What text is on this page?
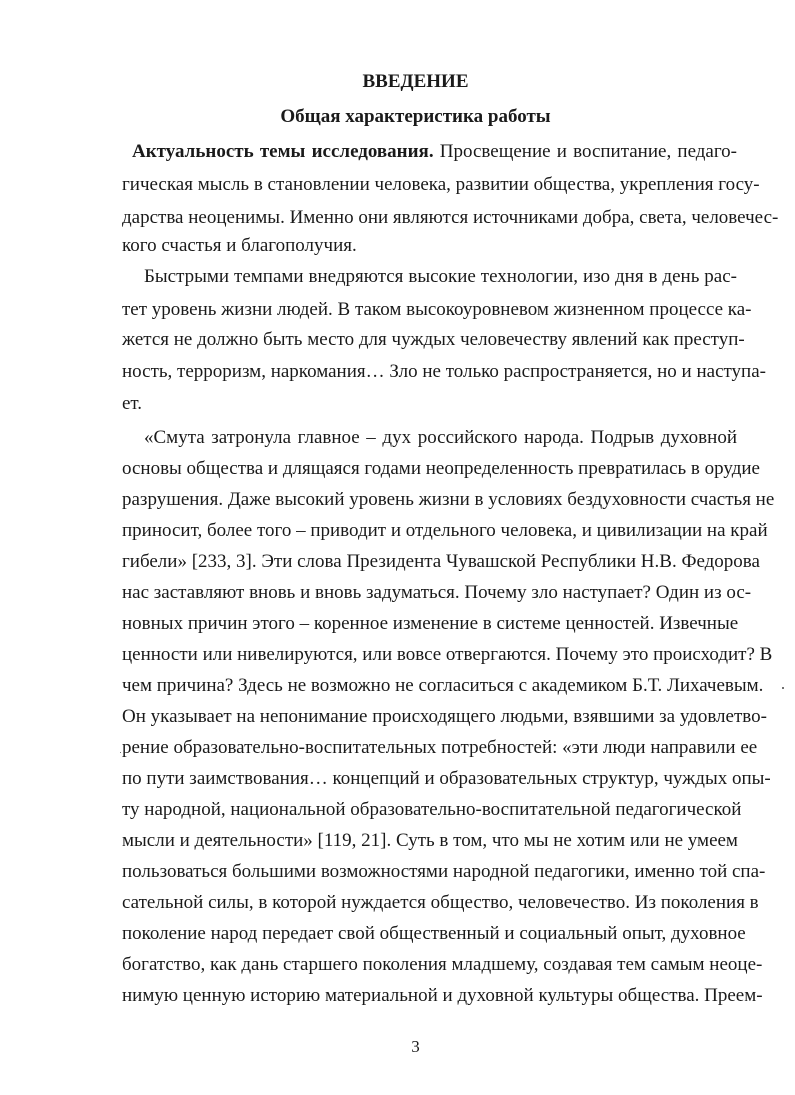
ВВЕДЕНИЕ
Общая характеристика работы

Актуальность темы исследования. Просвещение и воспитание, педаго-

гическая мысль в становлении человека, развитии общества, укрепления госу-

дарства неоценимы. Именно они являются источниками добра, света, человечес-

кого счастья и благополучия.

Быстрыми темпами внедряются высокие технологии, изо дня в день рас-

тет уровень жизни людей. В таком высокоуровневом жизненном процессе ка-

жется не должно быть место для чуждых человечеству явлений как преступ-

ность, терроризм, наркомания… Зло не только распространяется, но и наступа-

ет.

«Смута затронула главное – дух российского народа. Подрыв духовной

основы общества и длящаяся годами неопределенность превратилась в орудие

разрушения. Даже высокий уровень жизни в условиях бездуховности счастья не

приносит, более того – приводит и отдельного человека, и цивилизации на край

гибели» [233, 3]. Эти слова Президента Чувашской Республики Н.В. Федорова

нас заставляют вновь и вновь задуматься. Почему зло наступает? Один из ос-

новных причин этого – коренное изменение в системе ценностей. Извечные

ценности или нивелируются, или вовсе отвергаются. Почему это происходит? В

чем причина? Здесь не возможно не согласиться с академиком Б.Т. Лихачевым.

Он указывает на непонимание происходящего людьми, взявшими за удовлетво-

рение образовательно-воспитательных потребностей: «эти люди направили ее

по пути заимствования… концепций и образовательных структур, чуждых опы-

ту народной, национальной образовательно-воспитательной педагогической

мысли и деятельности» [119, 21]. Суть в том, что мы не хотим или не умеем

пользоваться большими возможностями народной педагогики, именно той спа-

сательной силы, в которой нуждается общество, человечество. Из поколения в

поколение народ передает свой общественный и социальный опыт, духовное

богатство, как дань старшего поколения младшему, создавая тем самым неоце-

нимую ценную историю материальной и духовной культуры общества. Преем-

3
